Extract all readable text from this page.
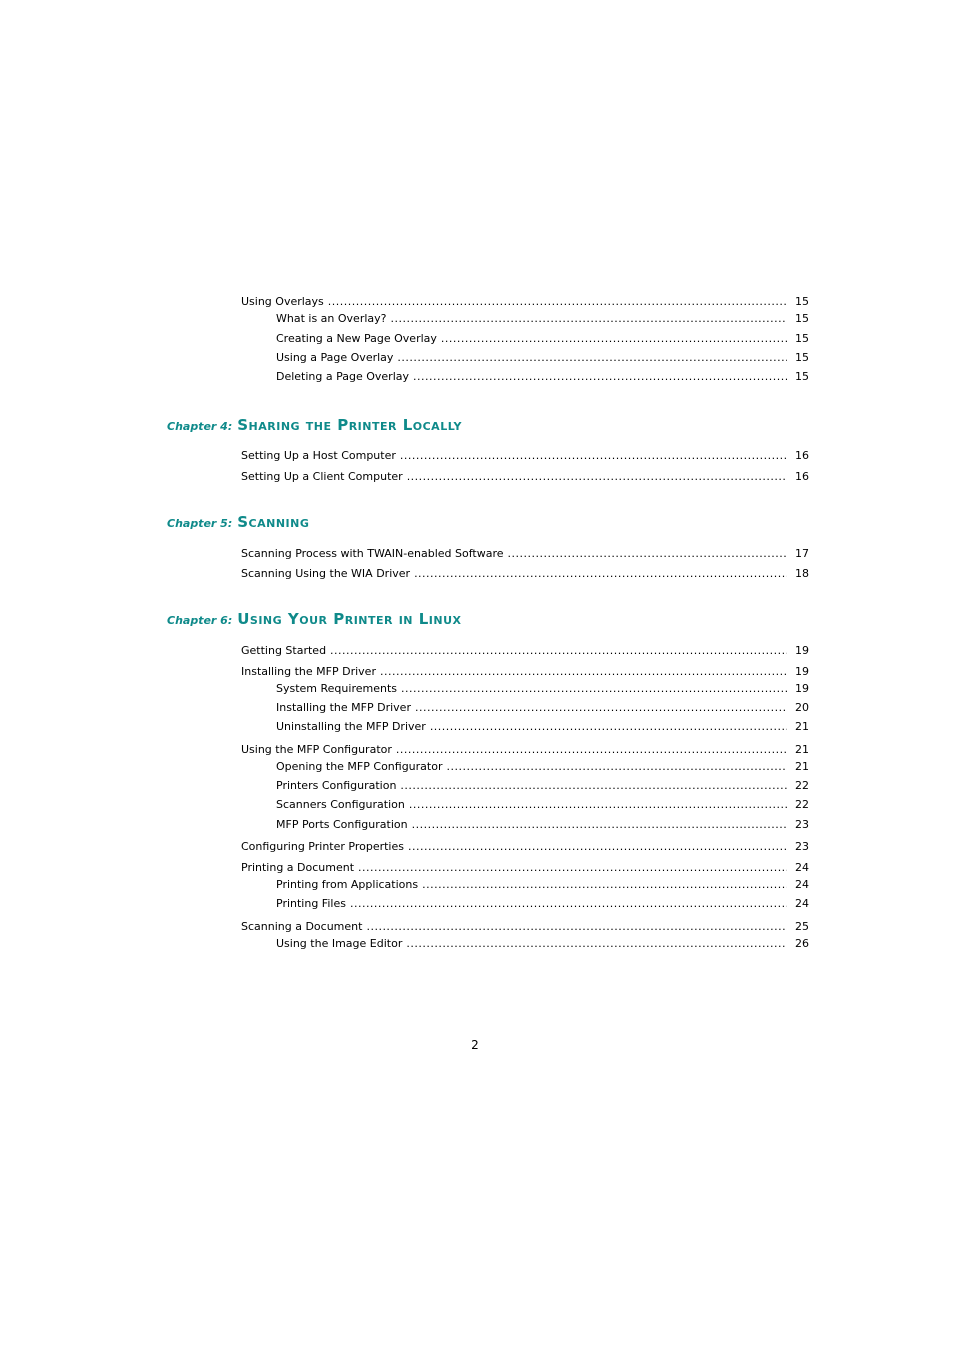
Using Overlays .....	15
What is an Overlay? .....	15
Creating a New Page Overlay .....	15
Using a Page Overlay .....	15
Deleting a Page Overlay .....	15
Chapter 4: Sharing the Printer Locally
Setting Up a Host Computer .....	16
Setting Up a Client Computer .....	16
Chapter 5: Scanning
Scanning Process with TWAIN-enabled Software .....	17
Scanning Using the WIA Driver .....	18
Chapter 6: Using Your Printer in Linux
Getting Started .....	19
Installing the MFP Driver .....	19
System Requirements .....	19
Installing the MFP Driver .....	20
Uninstalling the MFP Driver .....	21
Using the MFP Configurator .....	21
Opening the MFP Configurator .....	21
Printers Configuration .....	22
Scanners Configuration .....	22
MFP Ports Configuration .....	23
Configuring Printer Properties .....	23
Printing a Document .....	24
Printing from Applications .....	24
Printing Files .....	24
Scanning a Document .....	25
Using the Image Editor .....	26
2
